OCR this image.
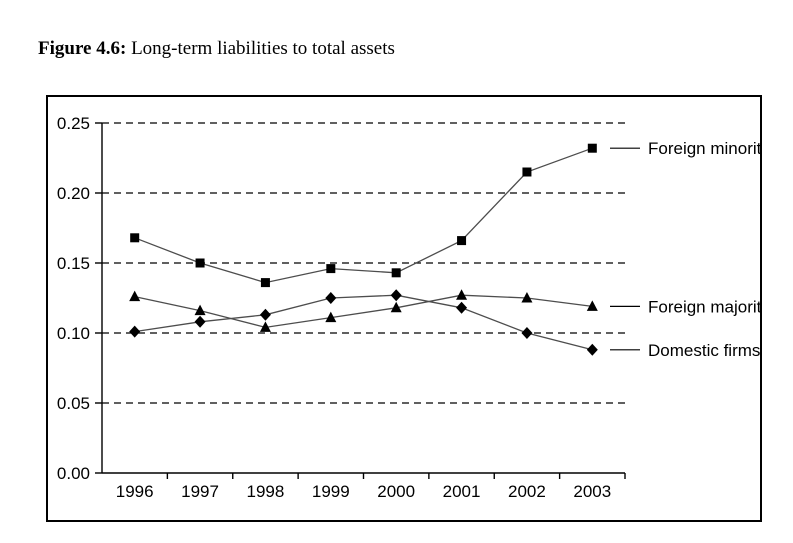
Figure 4.6: Long-term liabilities to total assets
0.00
0.05
0.10
0.15
0.20
0.25
1996 1997 1998 1999 2000 2001 2002 2003
Foreign minority
Foreign majority
Domestic firms
